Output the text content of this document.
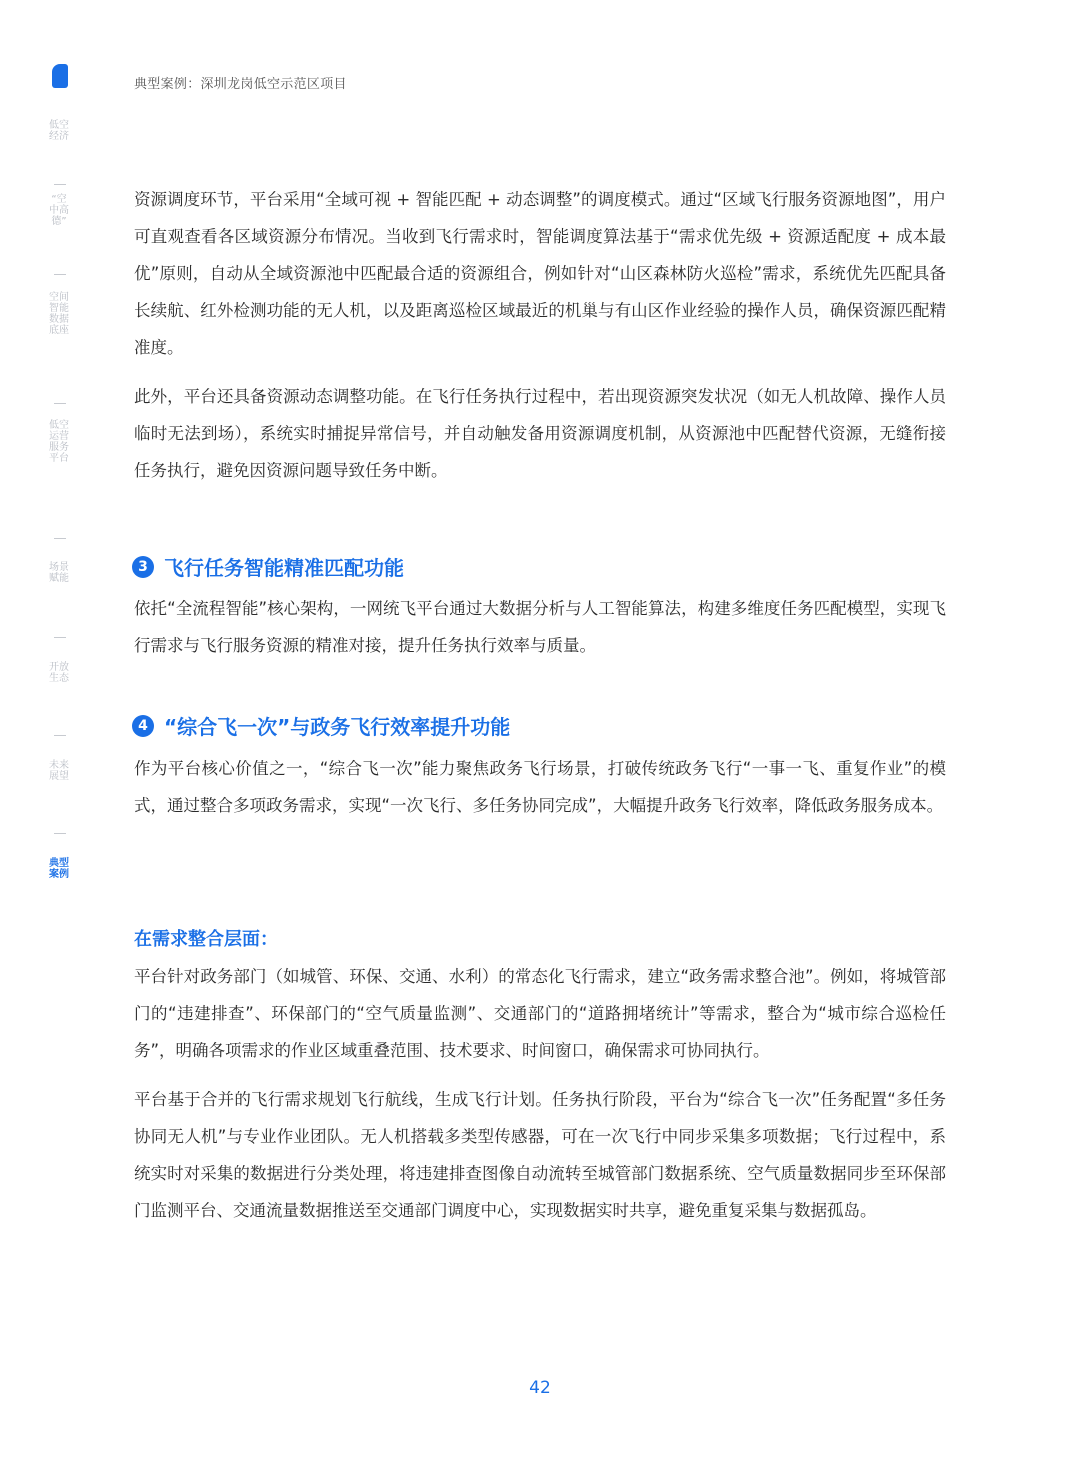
典型案例：深圳龙岗低空示范区项目
低空经济
“空中高德”
空间智能数据底座
低空运营服务平台
场景赋能
开放生态
未来展望
典型案例

资源调度环节，平台采用“全域可视 + 智能匹配 + 动态调整”的调度模式。通过“区域飞行服务资源地图”，用户可直观查看各区域资源分布情况。当收到飞行需求时，智能调度算法基于“需求优先级 + 资源适配度 + 成本最优”原则，自动从全域资源池中匹配最合适的资源组合，例如针对“山区森林防火巡检”需求，系统优先匹配具备长续航、红外检测功能的无人机，以及距离巡检区域最近的机巢与有山区作业经验的操作人员，确保资源匹配精准度。

此外，平台还具备资源动态调整功能。在飞行任务执行过程中，若出现资源突发状况（如无人机故障、操作人员临时无法到场），系统实时捕捉异常信号，并自动触发备用资源调度机制，从资源池中匹配替代资源，无缝衔接任务执行，避免因资源问题导致任务中断。

3 飞行任务智能精准匹配功能

依托“全流程智能”核心架构，一网统飞平台通过大数据分析与人工智能算法，构建多维度任务匹配模型，实现飞行需求与飞行服务资源的精准对接，提升任务执行效率与质量。

4 “综合飞一次”与政务飞行效率提升功能

作为平台核心价值之一，“综合飞一次”能力聚焦政务飞行场景，打破传统政务飞行“一事一飞、重复作业”的模式，通过整合多项政务需求，实现“一次飞行、多任务协同完成”，大幅提升政务飞行效率，降低政务服务成本。

在需求整合层面：

平台针对政务部门（如城管、环保、交通、水利）的常态化飞行需求，建立“政务需求整合池”。例如，将城管部门的“违建排查”、环保部门的“空气质量监测”、交通部门的“道路拥堵统计”等需求，整合为“城市综合巡检任务”，明确各项需求的作业区域重叠范围、技术要求、时间窗口，确保需求可协同执行。

平台基于合并的飞行需求规划飞行航线，生成飞行计划。任务执行阶段，平台为“综合飞一次”任务配置“多任务协同无人机”与专业作业团队。无人机搭载多类型传感器，可在一次飞行中同步采集多项数据；飞行过程中，系统实时对采集的数据进行分类处理，将违建排查图像自动流转至城管部门数据系统、空气质量数据同步至环保部门监测平台、交通流量数据推送至交通部门调度中心，实现数据实时共享，避免重复采集与数据孤岛。

42
